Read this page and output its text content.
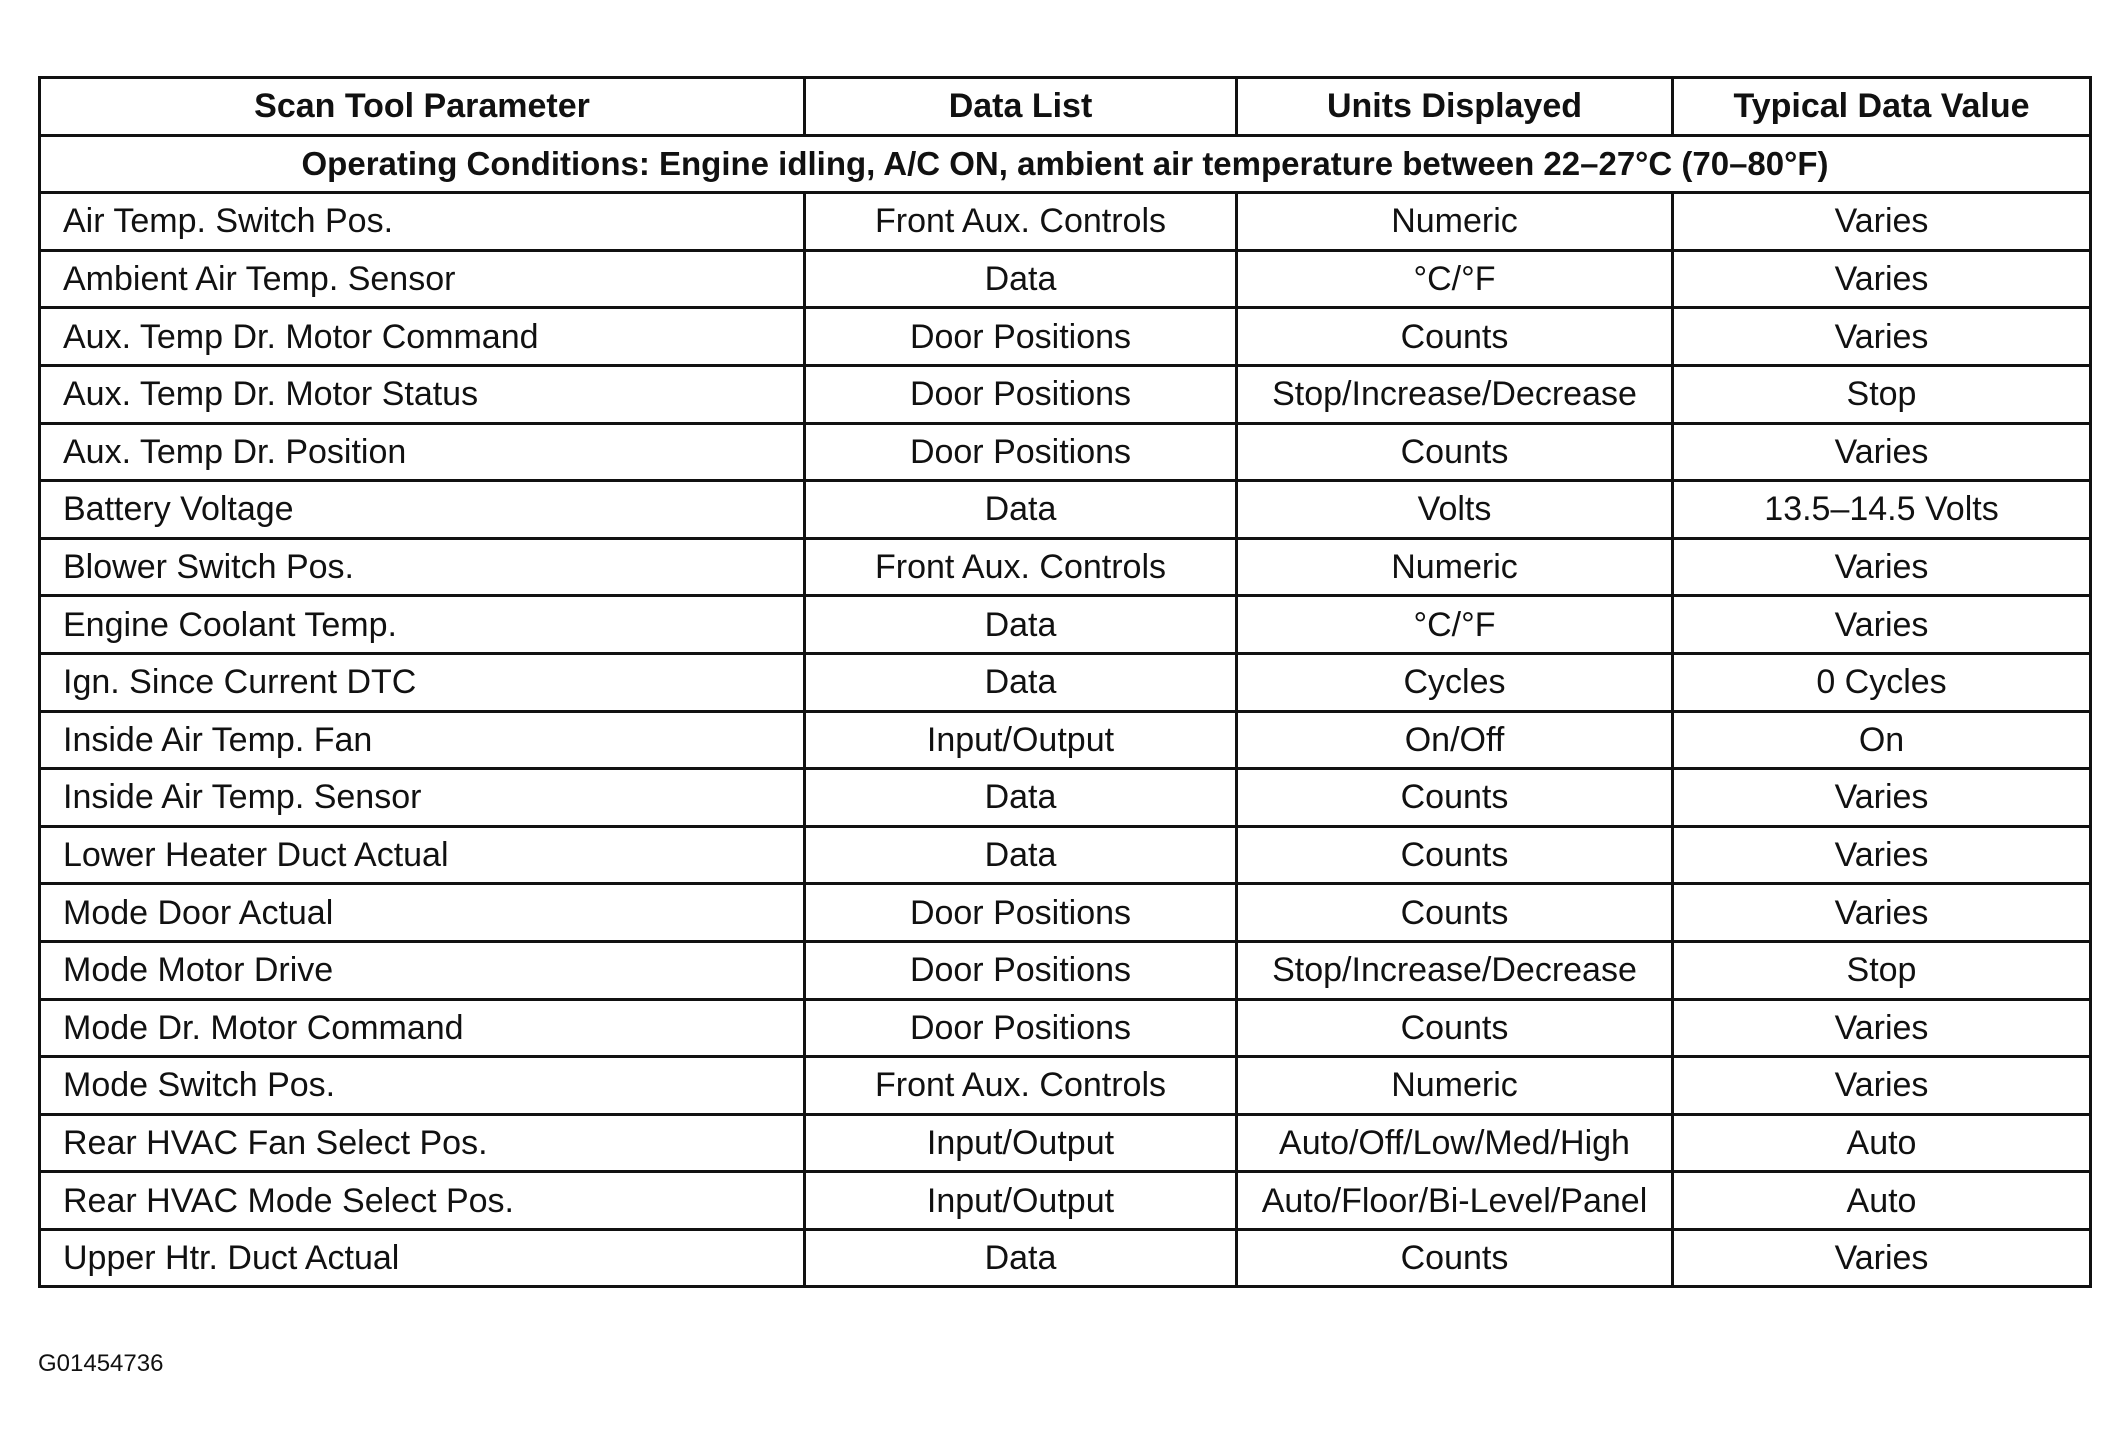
Scan Tool Parameter	Data List	Units Displayed	Typical Data Value
Operating Conditions: Engine idling, A/C ON, ambient air temperature between 22–27°C (70–80°F)			
Air Temp. Switch Pos.	Front Aux. Controls	Numeric	Varies
Ambient Air Temp. Sensor	Data	°C/°F	Varies
Aux. Temp Dr. Motor Command	Door Positions	Counts	Varies
Aux. Temp Dr. Motor Status	Door Positions	Stop/Increase/Decrease	Stop
Aux. Temp Dr. Position	Door Positions	Counts	Varies
Battery Voltage	Data	Volts	13.5–14.5 Volts
Blower Switch Pos.	Front Aux. Controls	Numeric	Varies
Engine Coolant Temp.	Data	°C/°F	Varies
Ign. Since Current DTC	Data	Cycles	0 Cycles
Inside Air Temp. Fan	Input/Output	On/Off	On
Inside Air Temp. Sensor	Data	Counts	Varies
Lower Heater Duct Actual	Data	Counts	Varies
Mode Door Actual	Door Positions	Counts	Varies
Mode Motor Drive	Door Positions	Stop/Increase/Decrease	Stop
Mode Dr. Motor Command	Door Positions	Counts	Varies
Mode Switch Pos.	Front Aux. Controls	Numeric	Varies
Rear HVAC Fan Select Pos.	Input/Output	Auto/Off/Low/Med/High	Auto
Rear HVAC Mode Select Pos.	Input/Output	Auto/Floor/Bi-Level/Panel	Auto
Upper Htr. Duct Actual	Data	Counts	Varies
G01454736
